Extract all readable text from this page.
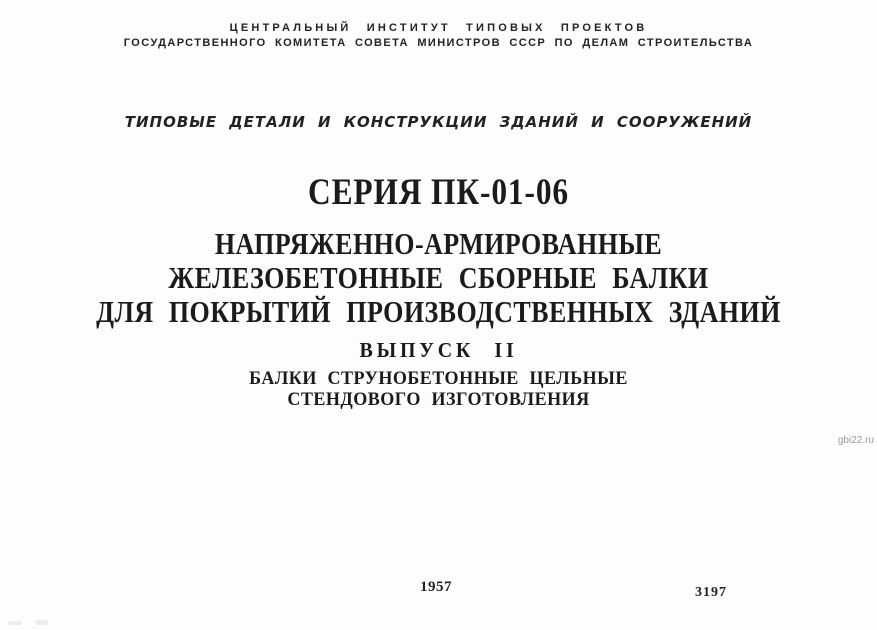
ЦЕНТРАЛЬНЫЙ ИНСТИТУТ ТИПОВЫХ ПРОЕКТОВ
ГОСУДАРСТВЕННОГО КОМИТЕТА СОВЕТА МИНИСТРОВ СССР ПО ДЕЛАМ СТРОИТЕЛЬСТВА
ТИПОВЫЕ ДЕТАЛИ И КОНСТРУКЦИИ ЗДАНИЙ И СООРУЖЕНИЙ
СЕРИЯ ПК-01-06
НАПРЯЖЕННО-АРМИРОВАННЫЕ
ЖЕЛЕЗОБЕТОННЫЕ СБОРНЫЕ БАЛКИ
ДЛЯ ПОКРЫТИЙ ПРОИЗВОДСТВЕННЫХ ЗДАНИЙ
ВЫПУСК II
БАЛКИ СТРУНОБЕТОННЫЕ ЦЕЛЬНЫЕ
СТЕНДОВОГО ИЗГОТОВЛЕНИЯ
gbi22.ru
1957	3197
